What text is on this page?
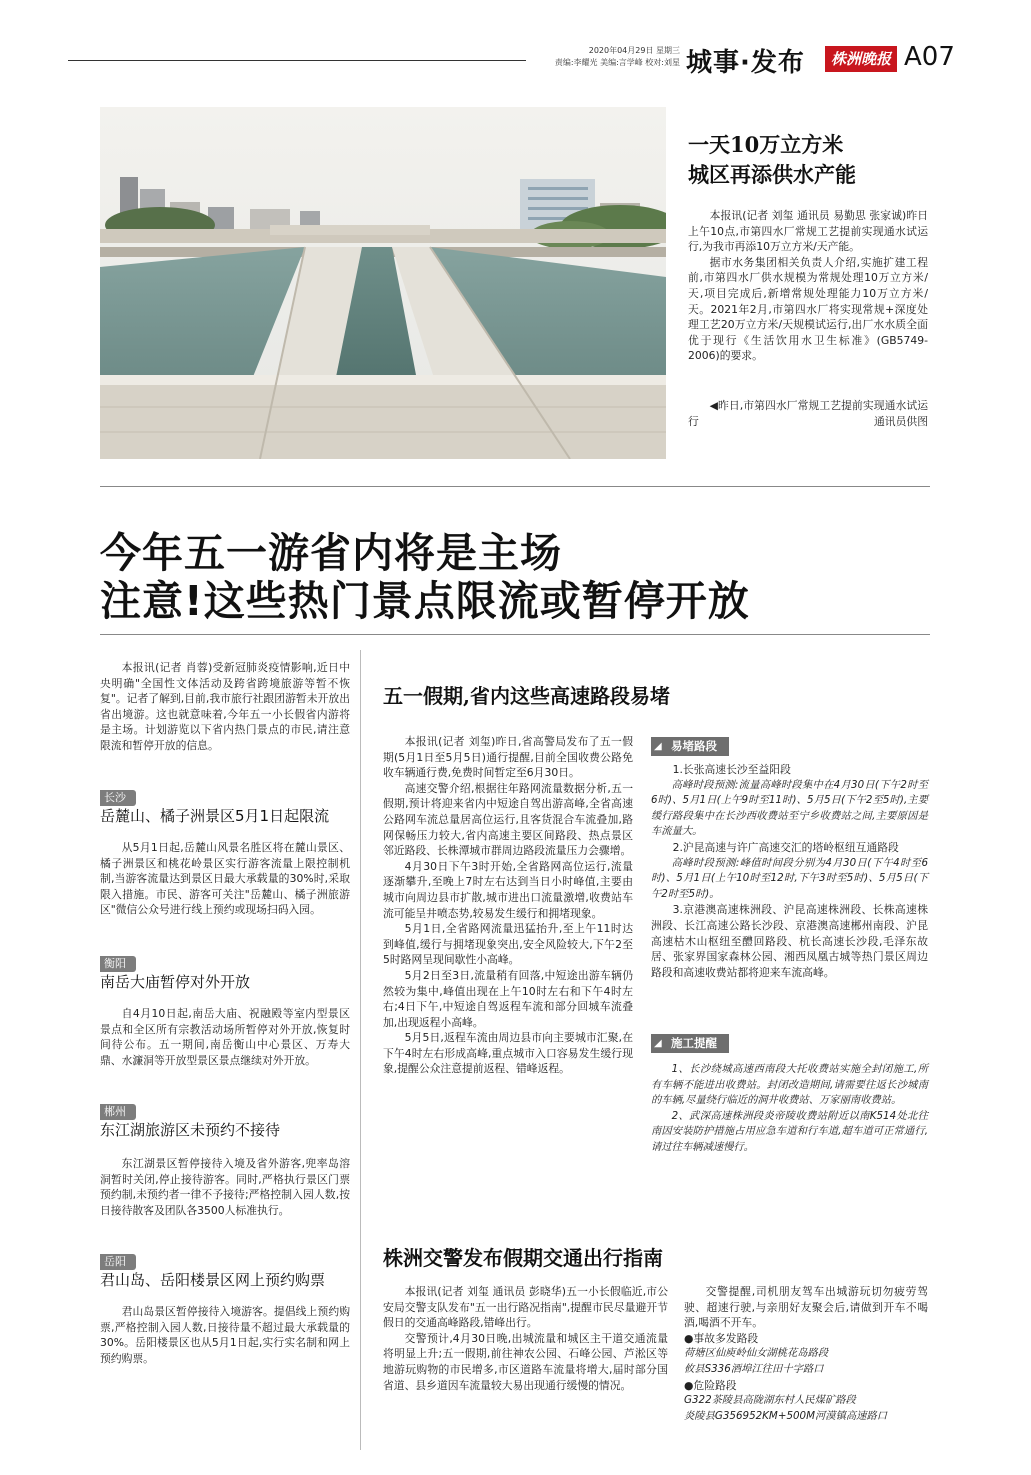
2020年04月29日 星期三
责编:李耀光 美编:言学峰 校对:刘星 城事·发布	株洲晚报 A07
一天10万立方米
城区再添供水产能

本报讯(记者 刘玺 通讯员 易勤思 张家诚)昨日上午10点,市第四水厂常规工艺提前实现通水试运行,为我市再添10万立方米/天产能。

据市水务集团相关负责人介绍,实施扩建工程前,市第四水厂供水规模为常规处理10万立方米/天,项目完成后,新增常规处理能力10万立方米/天。2021年2月,市第四水厂将实现常规+深度处理工艺20万立方米/天规模试运行,出厂水水质全面优于现行《生活饮用水卫生标准》(GB5749-2006)的要求。

◀昨日,市第四水厂常规工艺提前实现通水试运行	通讯员供图
今年五一游省内将是主场
注意!这些热门景点限流或暂停开放

本报讯(记者 肖蓉)受新冠肺炎疫情影响,近日中央明确"全国性文体活动及跨省跨境旅游等暂不恢复"。记者了解到,目前,我市旅行社跟团游暂未开放出省出境游。这也就意味着,今年五一小长假省内游将是主场。计划游览以下省内热门景点的市民,请注意限流和暂停开放的信息。

长沙
岳麓山、橘子洲景区5月1日起限流

从5月1日起,岳麓山风景名胜区将在麓山景区、橘子洲景区和桃花岭景区实行游客流量上限控制机制,当游客流量达到景区日最大承载量的30%时,采取限入措施。市民、游客可关注"岳麓山、橘子洲旅游区"微信公众号进行线上预约或现场扫码入园。

衡阳
南岳大庙暂停对外开放

自4月10日起,南岳大庙、祝融殿等室内型景区景点和全区所有宗教活动场所暂停对外开放,恢复时间待公布。五一期间,南岳衡山中心景区、万寿大鼎、水濂洞等开放型景区景点继续对外开放。

郴州
东江湖旅游区未预约不接待

东江湖景区暂停接待入境及省外游客,兜率岛溶洞暂时关闭,停止接待游客。同时,严格执行景区门票预约制,未预约者一律不予接待;严格控制入园人数,按日接待散客及团队各3500人标准执行。

岳阳
君山岛、岳阳楼景区网上预约购票

君山岛景区暂停接待入境游客。提倡线上预约购票,严格控制入园人数,日接待量不超过最大承载量的30%。岳阳楼景区也从5月1日起,实行实名制和网上预约购票。

五一假期,省内这些高速路段易堵

本报讯(记者 刘玺)昨日,省高警局发布了五一假期(5月1日至5月5日)通行提醒,目前全国收费公路免收车辆通行费,免费时间暂定至6月30日。

高速交警介绍,根据往年路网流量数据分析,五一假期,预计将迎来省内中短途自驾出游高峰,全省高速公路网车流总量居高位运行,且客货混合车流叠加,路网保畅压力较大,省内高速主要区间路段、热点景区邻近路段、长株潭城市群周边路段流量压力会骤增。

4月30日下午3时开始,全省路网高位运行,流量逐渐攀升,至晚上7时左右达到当日小时峰值,主要由城市向周边县市扩散,城市进出口流量激增,收费站车流可能呈井喷态势,较易发生缓行和拥堵现象。

5月1日,全省路网流量迅猛抬升,至上午11时达到峰值,缓行与拥堵现象突出,安全风险较大,下午2至5时路网呈现间歇性小高峰。

5月2日至3日,流量稍有回落,中短途出游车辆仍然较为集中,峰值出现在上午10时左右和下午4时左右;4日下午,中短途自驾返程车流和部分回城车流叠加,出现返程小高峰。

5月5日,返程车流由周边县市向主要城市汇聚,在下午4时左右形成高峰,重点城市入口容易发生缓行现象,提醒公众注意提前返程、错峰返程。

◢ 易堵路段
1.长张高速长沙至益阳段
高峰时段预测:流量高峰时段集中在4月30日(下午2时至6时)、5月1日(上午9时至11时)、5月5日(下午2至5时),主要缓行路段集中在长沙西收费站至宁乡收费站之间,主要原因是车流量大。
2.沪昆高速与许广高速交汇的塔岭枢纽互通路段
高峰时段预测:峰值时间段分别为4月30日(下午4时至6时)、5月1日(上午10时至12时,下午3时至5时)、5月5日(下午2时至5时)。
3.京港澳高速株洲段、沪昆高速株洲段、长株高速株洲段、长江高速公路长沙段、京港澳高速郴州南段、沪昆高速枯木山枢纽至醴回路段、杭长高速长沙段,毛泽东故居、张家界国家森林公园、湘西凤凰古城等热门景区周边路段和高速收费站都将迎来车流高峰。
◢ 施工提醒
1、长沙绕城高速西南段大托收费站实施全封闭施工,所有车辆不能进出收费站。封闭改造期间,请需要往返长沙城南的车辆,尽量绕行临近的洞井收费站、万家丽南收费站。
2、武深高速株洲段炎帝陵收费站附近以南K514处北往南因安装防护措施占用应急车道和行车道,超车道可正常通行,请过往车辆减速慢行。
株洲交警发布假期交通出行指南

本报讯(记者 刘玺 通讯员 彭晓华)五一小长假临近,市公安局交警支队发布"五一出行路况指南",提醒市民尽量避开节假日的交通高峰路段,错峰出行。

交警预计,4月30日晚,出城流量和城区主干道交通流量将明显上升;五一假期,前往神农公园、石峰公园、芦淞区等地游玩购物的市民增多,市区道路车流量将增大,届时部分国省道、县乡道因车流量较大易出现通行缓慢的情况。

交警提醒,司机朋友驾车出城游玩切勿疲劳驾驶、超速行驶,与亲朋好友聚会后,请做到开车不喝酒,喝酒不开车。

●事故多发路段
荷塘区仙庾岭仙女湖桃花岛路段
攸县S336酒埠江往田十字路口
●危险路段
G322茶陵县高陇湖东村人民煤矿路段
炎陵县G356952KM+500M河漠镇高速路口
